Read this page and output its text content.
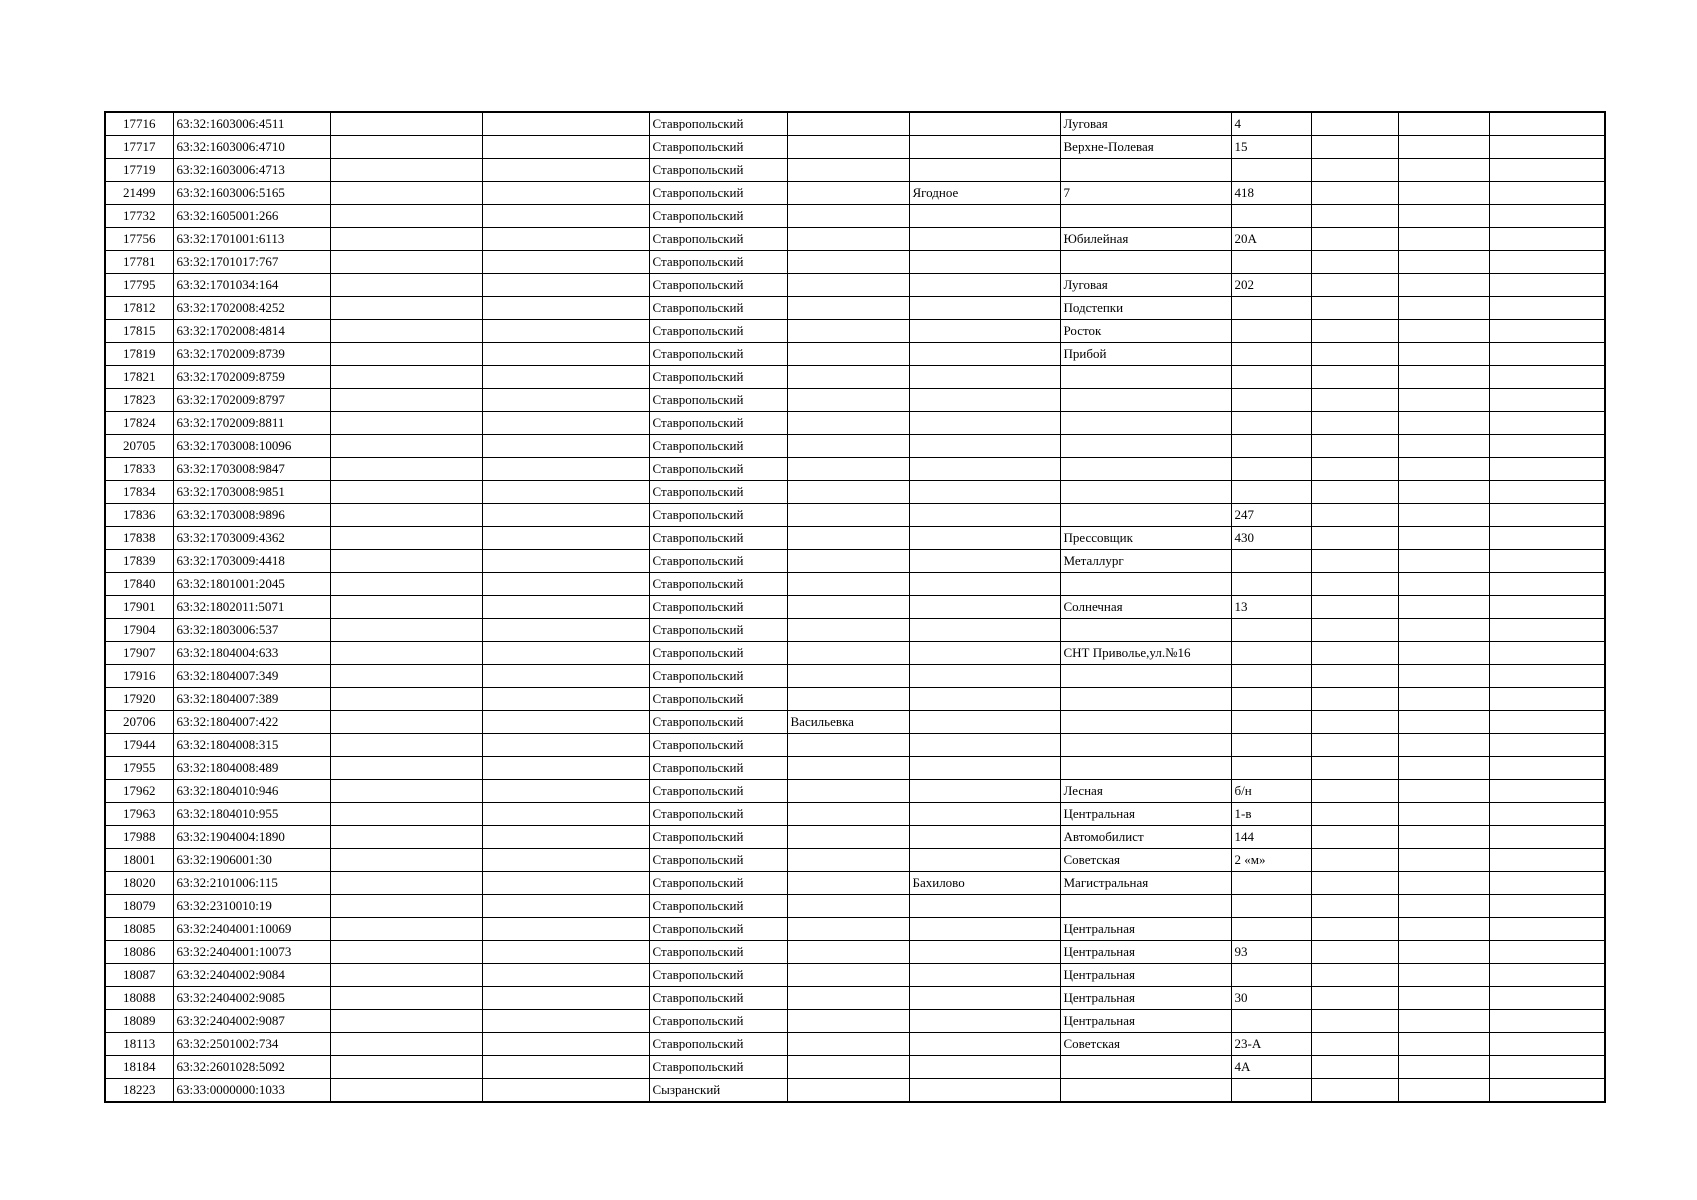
17716	63:32:1603006:4511			Ставропольский			Луговая	4			
17717	63:32:1603006:4710			Ставропольский			Верхне-Полевая	15			
17719	63:32:1603006:4713			Ставропольский							
21499	63:32:1603006:5165			Ставропольский		Ягодное	7	418			
17732	63:32:1605001:266			Ставропольский							
17756	63:32:1701001:6113			Ставропольский			Юбилейная	20А			
17781	63:32:1701017:767			Ставропольский							
17795	63:32:1701034:164			Ставропольский			Луговая	202			
17812	63:32:1702008:4252			Ставропольский			Подстепки				
17815	63:32:1702008:4814			Ставропольский			Росток				
17819	63:32:1702009:8739			Ставропольский			Прибой				
17821	63:32:1702009:8759			Ставропольский							
17823	63:32:1702009:8797			Ставропольский							
17824	63:32:1702009:8811			Ставропольский							
20705	63:32:1703008:10096			Ставропольский							
17833	63:32:1703008:9847			Ставропольский							
17834	63:32:1703008:9851			Ставропольский							
17836	63:32:1703008:9896			Ставропольский				247			
17838	63:32:1703009:4362			Ставропольский			Прессовщик	430			
17839	63:32:1703009:4418			Ставропольский			Металлург				
17840	63:32:1801001:2045			Ставропольский							
17901	63:32:1802011:5071			Ставропольский			Солнечная	13			
17904	63:32:1803006:537			Ставропольский							
17907	63:32:1804004:633			Ставропольский			СНТ Приволье,ул.№16				
17916	63:32:1804007:349			Ставропольский							
17920	63:32:1804007:389			Ставропольский							
20706	63:32:1804007:422			Ставропольский	Васильевка						
17944	63:32:1804008:315			Ставропольский							
17955	63:32:1804008:489			Ставропольский							
17962	63:32:1804010:946			Ставропольский			Лесная	б/н			
17963	63:32:1804010:955			Ставропольский			Центральная	1-в			
17988	63:32:1904004:1890			Ставропольский			Автомобилист	144			
18001	63:32:1906001:30			Ставропольский			Советская	2 «м»			
18020	63:32:2101006:115			Ставропольский		Бахилово	Магистральная				
18079	63:32:2310010:19			Ставропольский							
18085	63:32:2404001:10069			Ставропольский			Центральная				
18086	63:32:2404001:10073			Ставропольский			Центральная	93			
18087	63:32:2404002:9084			Ставропольский			Центральная				
18088	63:32:2404002:9085			Ставропольский			Центральная	30			
18089	63:32:2404002:9087			Ставропольский			Центральная				
18113	63:32:2501002:734			Ставропольский			Советская	23-А			
18184	63:32:2601028:5092			Ставропольский				4А			
18223	63:33:0000000:1033			Сызранский							
